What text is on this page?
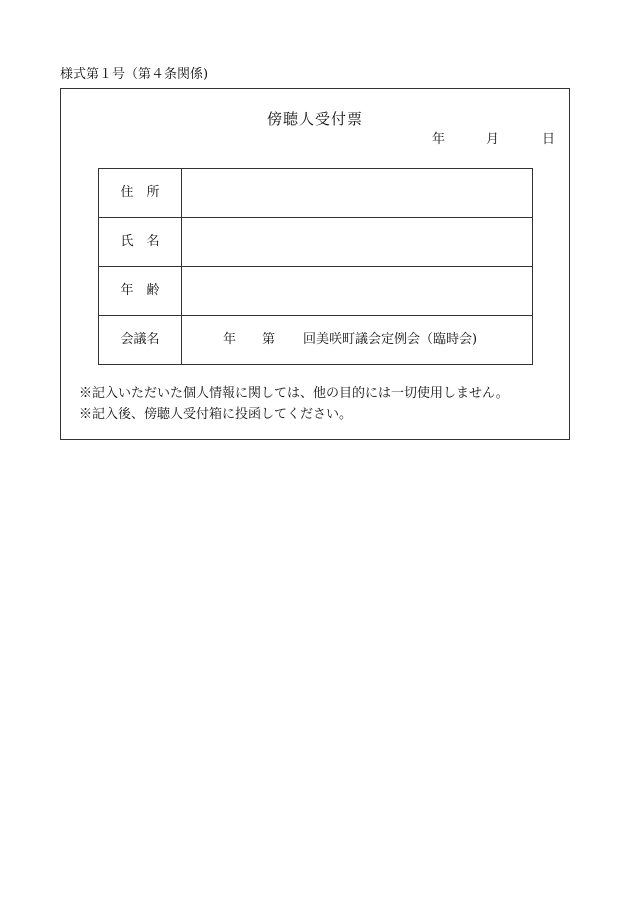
様式第１号（第４条関係)
傍聴人受付票
年	月	日
住　所	
氏　名	
年　齢	
会議名	年 第 回美咲町議会定例会（臨時会)
※記入いただいた個人情報に関しては、他の目的には一切使用しません。
※記入後、傍聴人受付箱に投函してください。
